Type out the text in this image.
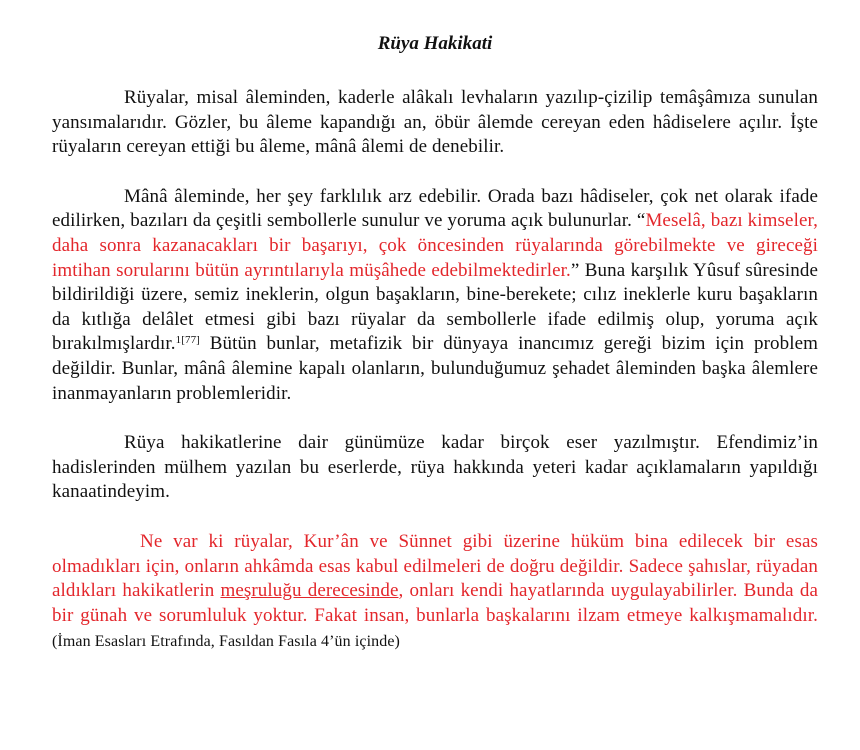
Rüya Hakikati

Rüyalar, misal âleminden, kaderle alâkalı levhaların yazılıp-çizilip temâşâmıza sunulan yansımalarıdır. Gözler, bu âleme kapandığı an, öbür âlemde cereyan eden hâdiselere açılır. İşte rüyaların cereyan ettiği bu âleme, mânâ âlemi de denebilir.

Mânâ âleminde, her şey farklılık arz edebilir. Orada bazı hâdiseler, çok net olarak ifade edilirken, bazıları da çeşitli sembollerle sunulur ve yoruma açık bulunurlar. “Meselâ, bazı kimseler, daha sonra kazanacakları bir başarıyı, çok öncesinden rüyalarında görebilmekte ve gireceği imtihan sorularını bütün ayrıntılarıyla müşâhede edebilmektedirler.” Buna karşılık Yûsuf sûresinde bildirildiği üzere, semiz ineklerin, olgun başakların, bine-berekete; cılız ineklerle kuru başakların da kıtlığa delâlet etmesi gibi bazı rüyalar da sembollerle ifade edilmiş olup, yoruma açık bırakılmışlardır.$^{1[77]}$ Bütün bunlar, metafizik bir dünyaya inancımız gereği bizim için problem değildir. Bunlar, mânâ âlemine kapalı olanların, bulunduğumuz şehadet âleminden başka âlemlere inanmayanların problemleridir.

Rüya hakikatlerine dair günümüze kadar birçok eser yazılmıştır. Efendimiz’in hadislerinden mülhem yazılan bu eserlerde, rüya hakkında yeteri kadar açıklamaların yapıldığı kanaatindeyim.

Ne var ki rüyalar, Kur’ân ve Sünnet gibi üzerine hüküm bina edilecek bir esas olmadıkları için, onların ahkâmda esas kabul edilmeleri de doğru değildir. Sadece şahıslar, rüyadan aldıkları hakikatlerin meşruluğu derecesinde, onları kendi hayatlarında uygulayabilirler. Bunda da bir günah ve sorumluluk yoktur. Fakat insan, bunlarla başkalarını ilzam etmeye kalkışmamalıdır. (İman Esasları Etrafında, Fasıldan Fasıla 4’ün içinde)
